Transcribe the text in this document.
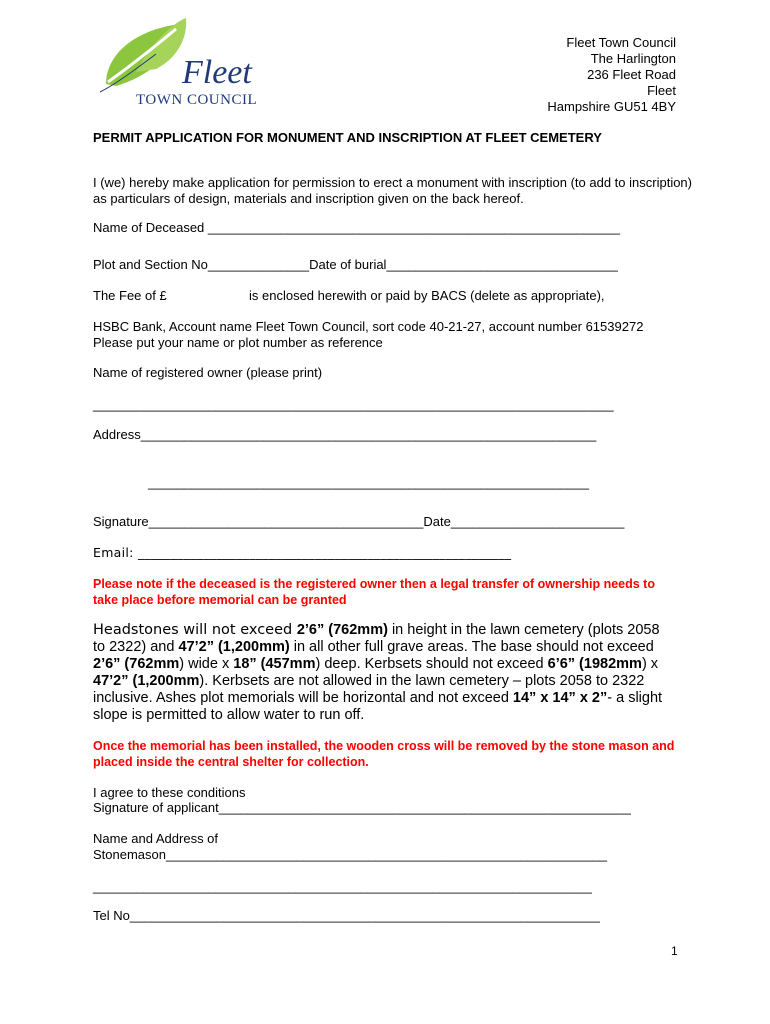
Fleet
TOWN COUNCIL
Fleet Town Council
The Harlington
236 Fleet Road
Fleet
Hampshire GU51 4BY
PERMIT APPLICATION FOR MONUMENT AND INSCRIPTION AT FLEET CEMETERY
I (we) hereby make application for permission to erect a monument with inscription (to add to inscription) as particulars of design, materials and inscription given on the back hereof.
Name of Deceased _________________________________________________________
Plot and Section No______________Date of burial________________________________
The Fee of £	is enclosed herewith or paid by BACS (delete as appropriate),
HSBC Bank, Account name Fleet Town Council, sort code 40-21-27, account number 61539272 Please put your name or plot number as reference
Name of registered owner (please print)
________________________________________________________________________
Address_______________________________________________________________
_____________________________________________________________
Signature______________________________________Date________________________
Email: _________________________________________________________
Please note if the deceased is the registered owner then a legal transfer of ownership needs to take place before memorial can be granted
Headstones will not exceed 2’6” (762mm) in height in the lawn cemetery (plots 2058 to 2322) and 47’2” (1,200mm) in all other full grave areas. The base should not exceed 2’6” (762mm) wide x 18” (457mm) deep. Kerbsets should not exceed 6’6” (1982mm) x 47’2” (1,200mm). Kerbsets are not allowed in the lawn cemetery – plots 2058 to 2322 inclusive. Ashes plot memorials will be horizontal and not exceed 14” x 14” x 2”- a slight slope is permitted to allow water to run off.
Once the memorial has been installed, the wooden cross will be removed by the stone mason and placed inside the central shelter for collection.
I agree to these conditions
Signature of applicant_________________________________________________________
Name and Address of
Stonemason_____________________________________________________________
_____________________________________________________________________
Tel No_________________________________________________________________
1
